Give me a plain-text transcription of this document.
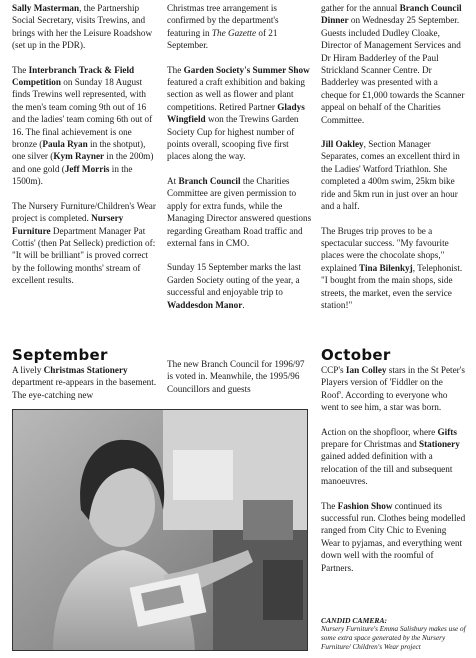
Sally Masterman, the Partnership Social Secretary, visits Trewins, and brings with her the Leisure Roadshow (set up in the PDR).

The Interbranch Track & Field Competition on Sunday 18 August finds Trewins well represented, with the men's team coming 9th out of 16 and the ladies' team coming 6th out of 16. The final achievement is one bronze (Paula Ryan in the shotput), one silver (Kym Rayner in the 200m) and one gold (Jeff Morris in the 1500m).

The Nursery Furniture/Children's Wear project is completed. Nursery Furniture Department Manager Pat Cottis' (then Pat Selleck) prediction of: "It will be brilliant" is proved correct by the following months' stream of excellent results.

September
A lively Christmas Stationery department re-appears in the basement. The eye-catching new

Christmas tree arrangement is confirmed by the department's featuring in The Gazette of 21 September.

The Garden Society's Summer Show featured a craft exhibition and baking section as well as flower and plant competitions. Retired Partner Gladys Wingfield won the Trewins Garden Society Cup for highest number of points overall, scooping five first places along the way.

At Branch Council the Charities Committee are given permission to apply for extra funds, while the Managing Director answered questions regarding Greatham Road traffic and external fans in CMO.

Sunday 15 September marks the last Garden Society outing of the year, a successful and enjoyable trip to Waddesdon Manor.

The new Branch Council for 1996/97 is voted in. Meanwhile, the 1995/96 Councillors and guests

gather for the annual Branch Council Dinner on Wednesday 25 September. Guests included Dudley Cloake, Director of Management Services and Dr Hiram Badderley of the Paul Strickland Scanner Centre. Dr Badderley was presented with a cheque for £1,000 towards the Scanner appeal on behalf of the Charities Committee.

Jill Oakley, Section Manager Separates, comes an excellent third in the Ladies' Watford Triathlon. She completed a 400m swim, 25km bike ride and 5km run in just over an hour and a half.

The Bruges trip proves to be a spectacular success. "My favourite places were the chocolate shops," explained Tina Bilenkyj, Telephonist. "I bought from the main shops, side streets, the market, even the service station!"

October

CCP's Ian Colley stars in the St Peter's Players version of 'Fiddler on the Roof'. According to everyone who went to see him, a star was born.

Action on the shopfloor, where Gifts prepare for Christmas and Stationery gained added definition with a relocation of the till and subsequent manoeuvres.

The Fashion Show continued its successful run. Clothes being modelled ranged from City Chic to Evening Wear to pyjamas, and everything went down well with the roomful of Partners.

CANDID CAMERA:
Nursery Furniture's Emma Salisbury makes use of some extra space generated by the Nursery Furniture/ Children's Wear project
